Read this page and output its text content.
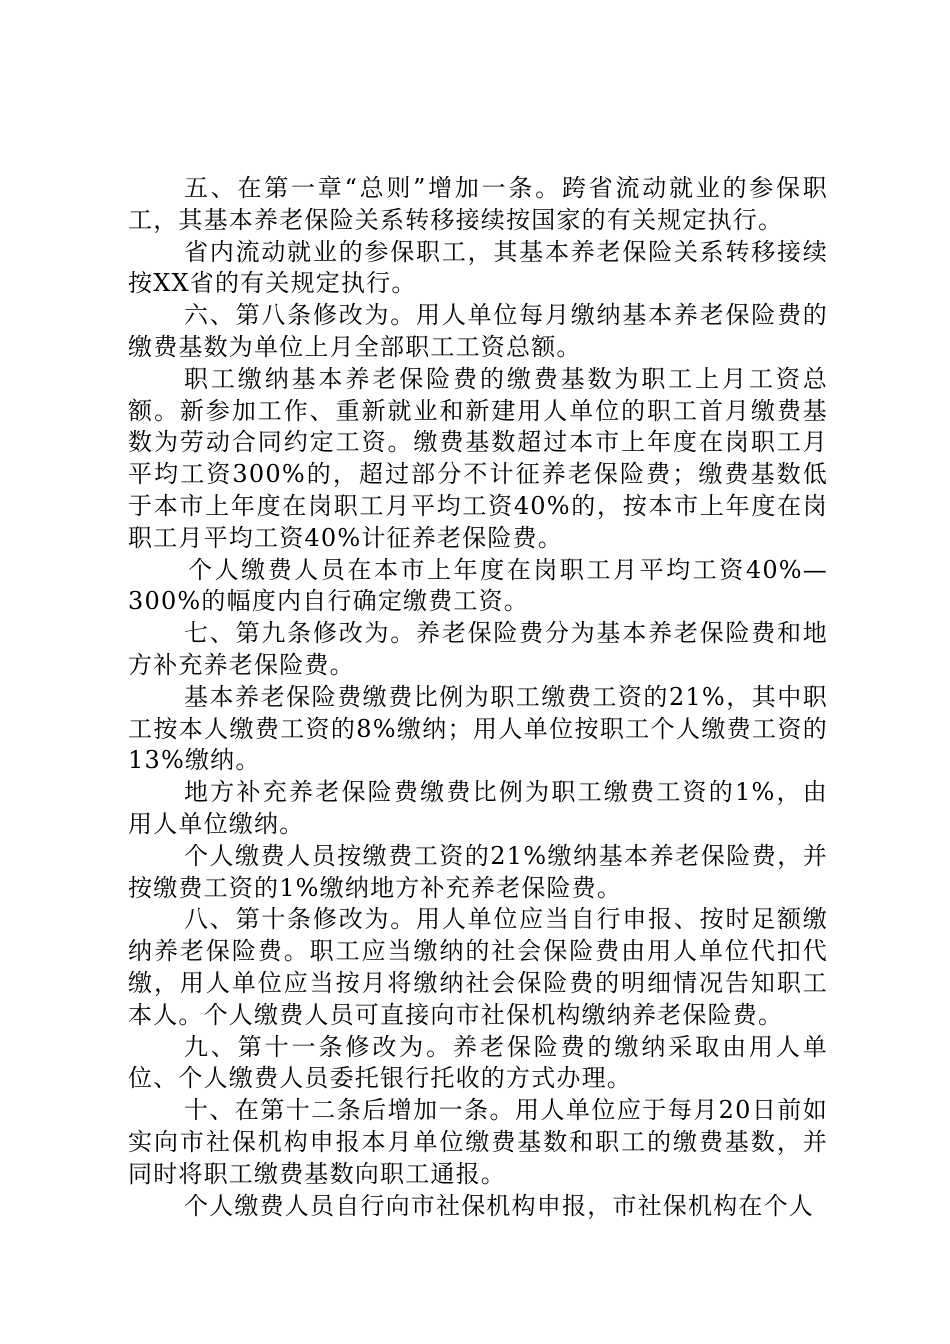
五、在第一章“总则”增加一条。跨省流动就业的参保职工，其基本养老保险关系转移接续按国家的有关规定执行。

省内流动就业的参保职工，其基本养老保险关系转移接续按XX省的有关规定执行。

六、第八条修改为。用人单位每月缴纳基本养老保险费的缴费基数为单位上月全部职工工资总额。

职工缴纳基本养老保险费的缴费基数为职工上月工资总额。新参加工作、重新就业和新建用人单位的职工首月缴费基数为劳动合同约定工资。缴费基数超过本市上年度在岗职工月平均工资300%的，超过部分不计征养老保险费；缴费基数低于本市上年度在岗职工月平均工资40%的，按本市上年度在岗职工月平均工资40%计征养老保险费。

个人缴费人员在本市上年度在岗职工月平均工资40%—300%的幅度内自行确定缴费工资。

七、第九条修改为。养老保险费分为基本养老保险费和地方补充养老保险费。

基本养老保险费缴费比例为职工缴费工资的21%，其中职工按本人缴费工资的8%缴纳；用人单位按职工个人缴费工资的13%缴纳。

地方补充养老保险费缴费比例为职工缴费工资的1%，由用人单位缴纳。

个人缴费人员按缴费工资的21%缴纳基本养老保险费，并按缴费工资的1%缴纳地方补充养老保险费。

八、第十条修改为。用人单位应当自行申报、按时足额缴纳养老保险费。职工应当缴纳的社会保险费由用人单位代扣代缴，用人单位应当按月将缴纳社会保险费的明细情况告知职工本人。个人缴费人员可直接向市社保机构缴纳养老保险费。

九、第十一条修改为。养老保险费的缴纳采取由用人单位、个人缴费人员委托银行托收的方式办理。

十、在第十二条后增加一条。用人单位应于每月20日前如实向市社保机构申报本月单位缴费基数和职工的缴费基数，并同时将职工缴费基数向职工通报。

个人缴费人员自行向市社保机构申报，市社保机构在个人
